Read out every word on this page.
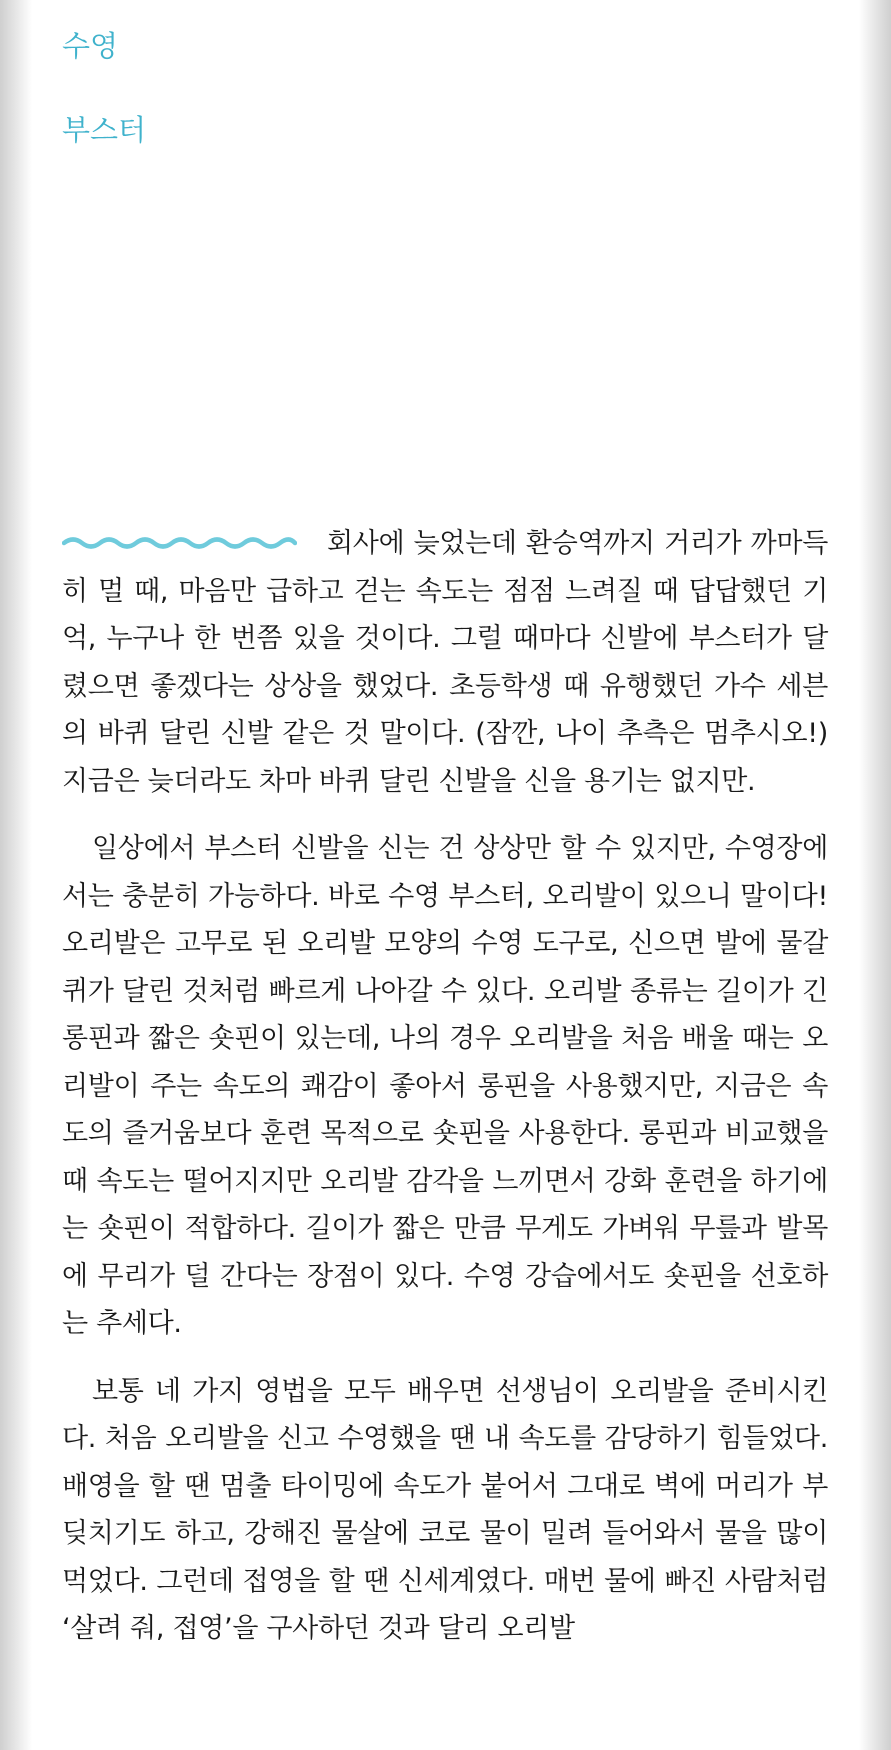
수영
부스터

회사에 늦었는데 환승역까지 거리가 까마득히 멀 때, 마음만 급하고 걷는 속도는 점점 느려질 때 답답했던 기억, 누구나 한 번쯤 있을 것이다. 그럴 때마다 신발에 부스터가 달렸으면 좋겠다는 상상을 했었다. 초등학생 때 유행했던 가수 세븐의 바퀴 달린 신발 같은 것 말이다. (잠깐, 나이 추측은 멈추시오!) 지금은 늦더라도 차마 바퀴 달린 신발을 신을 용기는 없지만.

일상에서 부스터 신발을 신는 건 상상만 할 수 있지만, 수영장에서는 충분히 가능하다. 바로 수영 부스터, 오리발이 있으니 말이다! 오리발은 고무로 된 오리발 모양의 수영 도구로, 신으면 발에 물갈퀴가 달린 것처럼 빠르게 나아갈 수 있다. 오리발 종류는 길이가 긴 롱핀과 짧은 숏핀이 있는데, 나의 경우 오리발을 처음 배울 때는 오리발이 주는 속도의 쾌감이 좋아서 롱핀을 사용했지만, 지금은 속도의 즐거움보다 훈련 목적으로 숏핀을 사용한다. 롱핀과 비교했을 때 속도는 떨어지지만 오리발 감각을 느끼면서 강화 훈련을 하기에는 숏핀이 적합하다. 길이가 짧은 만큼 무게도 가벼워 무릎과 발목에 무리가 덜 간다는 장점이 있다. 수영 강습에서도 숏핀을 선호하는 추세다.

보통 네 가지 영법을 모두 배우면 선생님이 오리발을 준비시킨다. 처음 오리발을 신고 수영했을 땐 내 속도를 감당하기 힘들었다. 배영을 할 땐 멈출 타이밍에 속도가 붙어서 그대로 벽에 머리가 부딪치기도 하고, 강해진 물살에 코로 물이 밀려 들어와서 물을 많이 먹었다. 그런데 접영을 할 땐 신세계였다. 매번 물에 빠진 사람처럼 ‘살려 줘, 접영’을 구사하던 것과 달리 오리발
